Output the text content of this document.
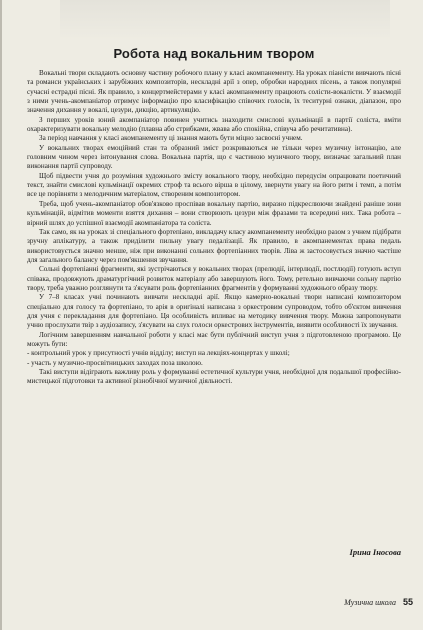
Робота над вокальним твором

Вокальні твори складають основну частину робочого плану у класі акомпанементу. На уроках піаністи вивчають пісні та романси українських і зарубіжних композиторів, нескладні арії з опер, обробки народних пісень, а також популярні сучасні естрадні пісні. Як правило, з концертмейстерами у класі акомпанементу працюють солісти-вокалісти. У взаємодії з ними учень-акомпаніатор отримує інформацію про класифікацію співочих голосів, їх теситурні ознаки, діапазон, про значення дихання у вокалі, цезури, дикцію, артикуляцію.

З перших уроків юний акомпаніатор повинен учитись знаходити смислові кульмінації в партії соліста, вміти охарактеризувати вокальну мелодію (плавна або стрибками, жвава або спокійна, співуча або речитативна).

За період навчання у класі акомпанементу ці знання мають бути міцно засвоєні учнем.

У вокальних творах емоційний стан та образний зміст розкриваються не тільки через музичну інтонацію, але головним чином через інтонування слова. Вокальна партія, що є частиною музичного твору, визначає загальний план виконання партії супроводу.

Щоб підвести учня до розуміння художнього змісту вокального твору, необхідно передусім опрацювати поетичний текст, знайти смислові кульмінації окремих строф та всього вірша в цілому, звернути увагу на його ритм і темп, а потім все це порівняти з мелодичним матеріалом, створеним композитором.

Треба, щоб учень-акомпаніатор обов'язково проспівав вокальну партію, виразно підкреслюючи знайдені раніше зони кульмінацій, відмітив моменти взяття дихання – вони створюють цезури між фразами та всередині них. Така робота – вірний шлях до успішної взаємодії акомпаніатора та соліста.

Так само, як на уроках зі спеціального фортепіано, викладачу класу акомпанементу необхідно разом з учнем підібрати зручну аплікатуру, а також приділити пильну увагу педалізації. Як правило, в акомпанементах права педаль використовується значно менше, ніж при виконанні сольних фортепіанних творів. Ліва ж застосовується значно частіше для загального балансу через пом'якшення звучання.

Сольні фортепіанні фрагменти, які зустрічаються у вокальних творах (прелюдії, інтерлюдії, постлюдії) готують вступ співака, продовжують драматургічний розвиток матеріалу або завершують його. Тому, ретельно вивчаючи сольну партію твору, треба уважно розглянути та з'ясувати роль фортепіанних фрагментів у формуванні художнього образу твору.

У 7–8 класах учні починають вивчати нескладні арії. Якщо камерно-вокальні твори написані композитором спеціально для голосу та фортепіано, то арія в оригіналі написана з оркестровим супроводом, тобто об'єктом вивчення для учня є перекладання для фортепіано. Ця особливість впливає на методику вивчення твору. Можна запропонувати учню прослухати твір з аудіозапису, з'ясувати на слух голоси оркестрових інструментів, виявити особливості їх звучання.

Логічним завершенням навчальної роботи у класі має бути публічний виступ учня з підготовленою програмою. Це можуть бути:

- контрольний урок у присутності учнів відділу; виступ на лекціях-концертах у школі;

- участь у музично-просвітницьких заходах поза школою.

Такі виступи відіграють важливу роль у формуванні естетичної культури учня, необхідної для подальшої професійно-мистецької підготовки та активної різнобічної музичної діяльності.

Ірина Іносова
Музична школа 55
